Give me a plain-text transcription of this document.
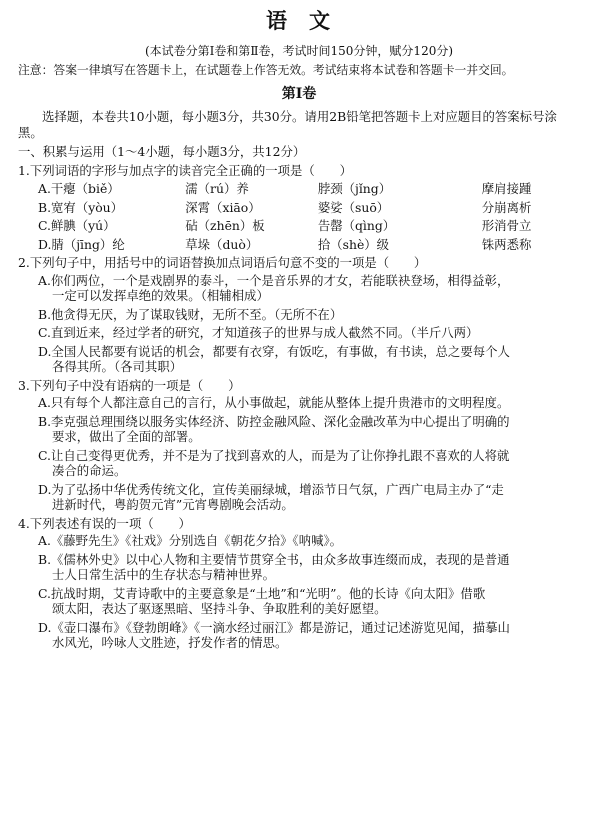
语文
(本试卷分第Ⅰ卷和第Ⅱ卷，考试时间150分钟，赋分120分)
注意：答案一律填写在答题卡上，在试题卷上作答无效。考试结束将本试卷和答题卡一并交回。
第Ⅰ卷
选择题，本卷共10小题，每小题3分，共30分。请用2B铅笔把答题卡上对应题目的答案标号涂黑。
一、积累与运用（1～4小题，每小题3分，共12分）
1.下列词语的字形与加点字的读音完全正确的一项是（　　）
A.干瘪（biě）	濡（rú）养	脖颈（jǐng）	摩肩接踵
B.宽宥（yòu）	深霄（xiāo）	婆娑（suō）	分崩离析
C.鲜腆（yú）	砧（zhēn）板	告罄（qìng）	形消骨立
D.腈（jīng）纶	草垛（duò）	拾（shè）级	铢两悉称
2.下列句子中，用括号中的词语替换加点词语后句意不变的一项是（　　）
A.你们两位，一个是戏剧界的泰斗，一个是音乐界的才女，若能联袂登场，相得益彰，
一定可以发挥卓绝的效果。（相辅相成）
B.他贪得无厌，为了谋取钱财，无所不至。（无所不在）
C.直到近来，经过学者的研究，才知道孩子的世界与成人截然不同。（半斤八两）
D.全国人民都要有说话的机会，都要有衣穿，有饭吃，有事做，有书读，总之要每个人
各得其所。（各司其职）
3.下列句子中没有语病的一项是（　　）
A.只有每个人都注意自己的言行，从小事做起，就能从整体上提升贵港市的文明程度。
B.李克强总理围绕以服务实体经济、防控金融风险、深化金融改革为中心提出了明确的
要求，做出了全面的部署。
C.让自己变得更优秀，并不是为了找到喜欢的人，而是为了让你挣扎跟不喜欢的人将就
凑合的命运。
D.为了弘扬中华优秀传统文化，宣传美丽绿城，增添节日气氛，广西广电局主办了“走
进新时代，粤韵贺元宵”元宵粤剧晚会活动。
4.下列表述有误的一项（　　）
A.《藤野先生》《社戏》分别选自《朝花夕拾》《呐喊》。
B.《儒林外史》以中心人物和主要情节贯穿全书，由众多故事连缀而成，表现的是普通
士人日常生活中的生存状态与精神世界。
C.抗战时期，艾青诗歌中的主要意象是“土地”和“光明”。他的长诗《向太阳》借歌
颂太阳，表达了驱逐黑暗、坚持斗争、争取胜利的美好愿望。
D.《壶口瀑布》《登勃朗峰》《一滴水经过丽江》都是游记，通过记述游览见闻，描摹山
水风光，吟咏人文胜迹，抒发作者的情思。
